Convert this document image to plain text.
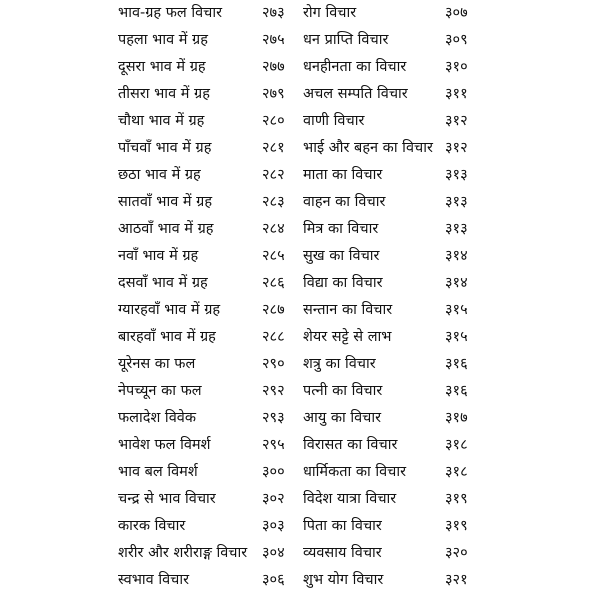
भाव-ग्रह फल विचार	२७३	रोग विचार	३०७
पहला भाव में ग्रह	२७५	धन प्राप्ति विचार	३०९
दूसरा भाव में ग्रह	२७७	धनहीनता का विचार	३१०
तीसरा भाव में ग्रह	२७९	अचल सम्पति विचार	३११
चौथा भाव में ग्रह	२८०	वाणी विचार	३१२
पाँचवाँ भाव में ग्रह	२८१	भाई और बहन का विचार ३१२
छठा भाव में ग्रह	२८२	माता का विचार	३१३
सातवाँ भाव में ग्रह	२८३	वाहन का विचार	३१३
आठवाँ भाव में ग्रह	२८४	मित्र का विचार	३१३
नवाँ भाव में ग्रह	२८५	सुख का विचार	३१४
दसवाँ भाव में ग्रह	२८६	विद्या का विचार	३१४
ग्यारहवाँ भाव में ग्रह	२८७	सन्तान का विचार	३१५
बारहवाँ भाव में ग्रह	२८८	शेयर सट्टे से लाभ	३१५
यूरेनस का फल	२९०	शत्रु का विचार	३१६
नेपच्यून का फल	२९२	पत्नी का विचार	३१६
फलादेश विवेक	२९३	आयु का विचार	३१७
भावेश फल विमर्श	२९५	विरासत का विचार	३१८
भाव बल विमर्श	३००	धार्मिकता का विचार	३१८
चन्द्र से भाव विचार	३०२	विदेश यात्रा विचार	३१९
कारक विचार	३०३	पिता का विचार	३१९
शरीर और शरीराङ्ग विचार	३०४	व्यवसाय विचार	३२०
स्वभाव विचार	३०६	शुभ योग विचार	३२१
